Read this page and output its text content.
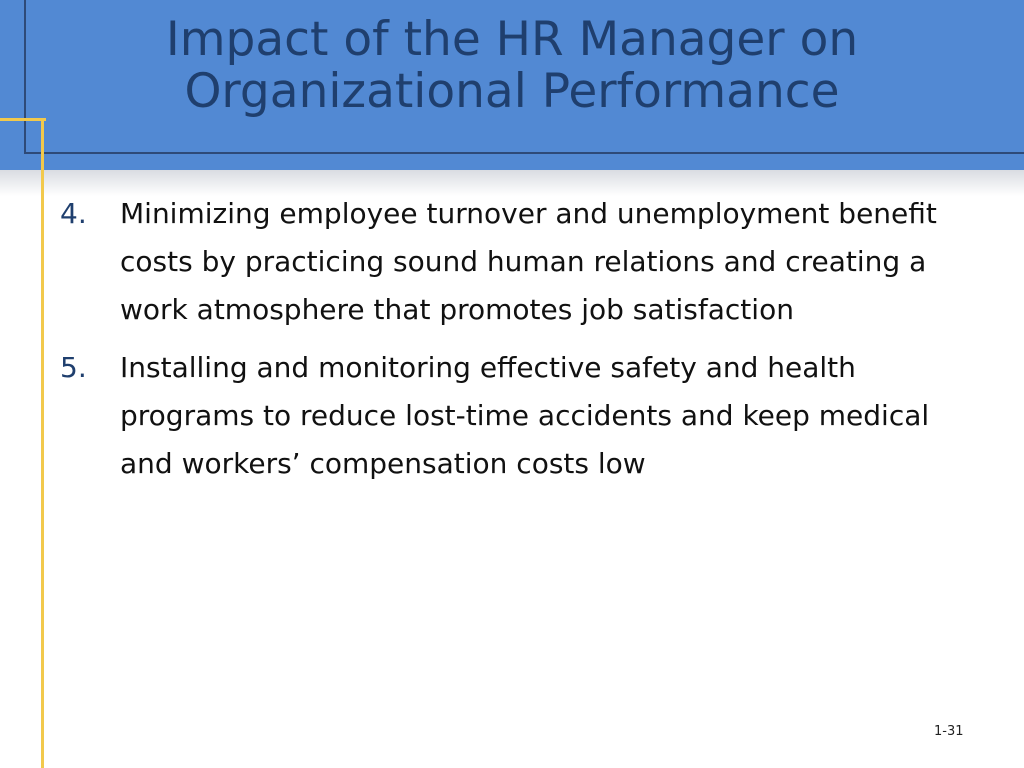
Impact of the HR Manager on
Organizational Performance
4. Minimizing employee turnover and unemployment benefit costs by practicing sound human relations and creating a work atmosphere that promotes job satisfaction
5. Installing and monitoring effective safety and health programs to reduce lost-time accidents and keep medical and workers’ compensation costs low
1-31
